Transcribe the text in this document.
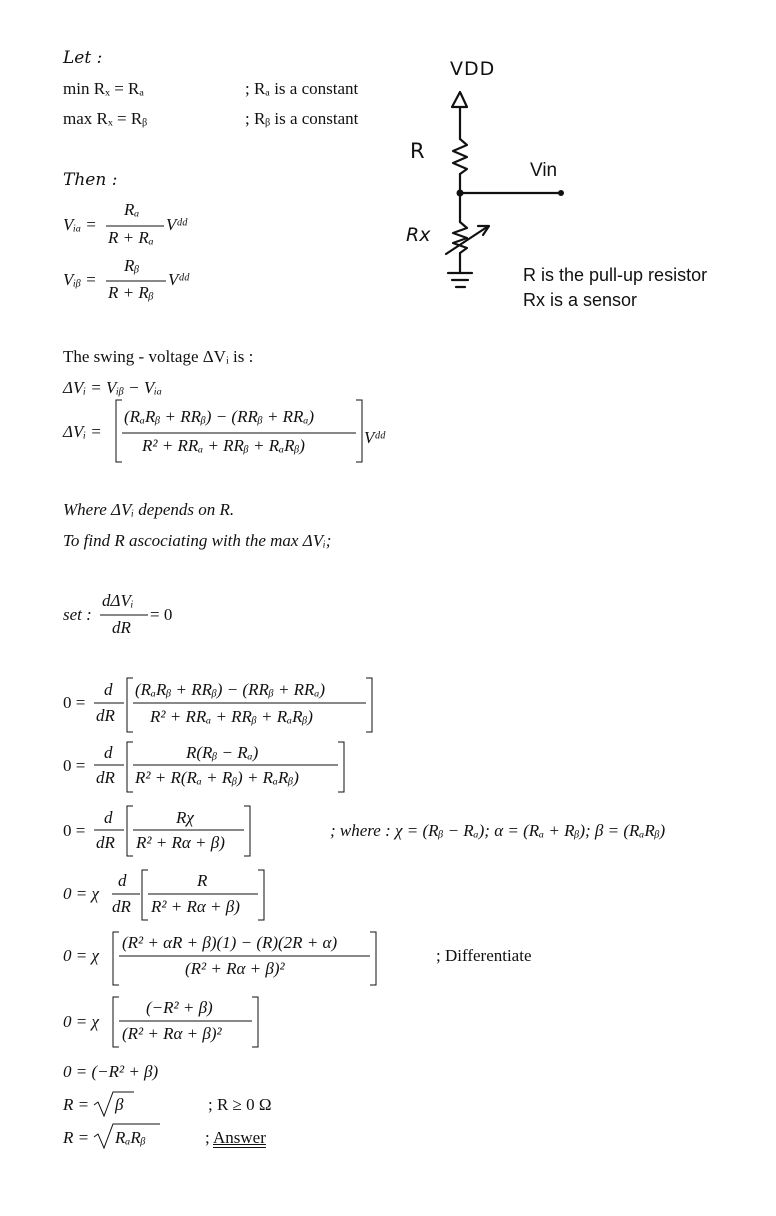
Let :
min Rₓ = Rₐ	; Rₐ is a constant
max Rₓ = Rᵦ	; Rᵦ is a constant
Then :
Vᵢₐ =
Rₐ
R + Rₐ
Vᵈᵈ
Vᵢᵦ =
Rᵦ
R + Rᵦ
Vᵈᵈ
VDD
R
Vin
Rx
R is the pull-up resistor
Rx is a sensor
The swing - voltage ΔVᵢ is :
ΔVᵢ = Vᵢᵦ − Vᵢₐ
ΔVᵢ =
(RₐRᵦ + RRᵦ) − (RRᵦ + RRₐ)
R² + RRₐ + RRᵦ + RₐRᵦ)	Vᵈᵈ
Where ΔVᵢ depends on R.
To find R ascociating with the max ΔVᵢ;
set :
dΔVᵢ
dR
= 0
0 =
d
dR
(RₐRᵦ + RRᵦ) − (RRᵦ + RRₐ)
R² + RRₐ + RRᵦ + RₐRᵦ)
0 =
d
dR
R(Rᵦ − Rₐ)
R² + R(Rₐ + Rᵦ) + RₐRᵦ)
0 =
d
dR
Rχ
R² + Rα + β)
; where : χ = (Rᵦ − Rₐ); α = (Rₐ + Rᵦ); β = (RₐRᵦ)
0 = χ
d
dR
R
R² + Rα + β)
0 = χ
(R² + αR + β)(1) − (R)(2R + α)
(R² + Rα + β)²
; Differentiate
0 = χ
(−R² + β)
(R² + Rα + β)²
0 = (−R² + β)
R = β	; R ≥ 0 Ω
R = RₐRᵦ	; Answer
